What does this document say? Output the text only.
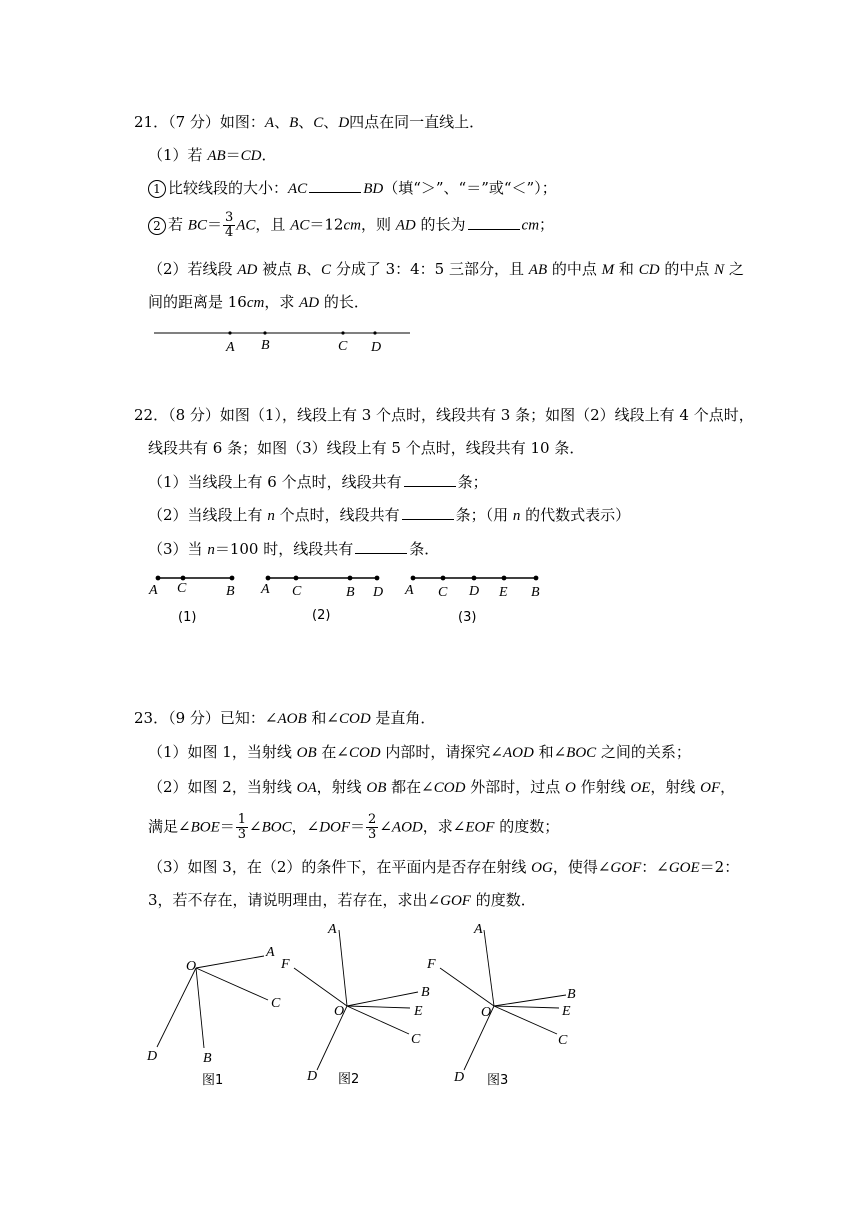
21．（7 分）如图：A、B、C、D四点在同一直线上．
（1）若 AB＝CD．
1 比较线段的大小：AC	BD（填“＞”、“＝”或“＜”）；
2 若 $BC= \frac{3}{4}$ AC，且 AC＝12cm，则 AD 的长为	cm；
（2）若线段 AD 被点 B、C 分成了 3：4：5 三部分，且 AB 的中点 M 和 CD 的中点 N 之
间的距离是 16cm，求 AD 的长．
A B	C D
22．（8 分）如图（1），线段上有 3 个点时，线段共有 3 条；如图（2）线段上有 4 个点时，
线段共有 6 条；如图（3）线段上有 5 个点时，线段共有 10 条．
（1）当线段上有 6 个点时，线段共有	条；
（2）当线段上有 n 个点时，线段共有	条；（用 n 的代数式表示）
（3）当 n＝100 时，线段共有	条．
A C	B
(1)
A C	B D
(2)
A C D E B
(3)
23．（9 分）已知：∠AOB 和∠COD 是直角．
（1）如图 1，当射线 OB 在∠COD 内部时，请探究∠AOD 和∠BOC 之间的关系；
（2）如图 2，当射线 OA，射线 OB 都在∠COD 外部时，过点 O 作射线 OE，射线 OF，
满足∠BOE＝ $\frac{1}{3}$ ∠BOC，∠DOF＝ $\frac{2}{3}$ ∠AOD，求∠EOF 的度数；
（3）如图 3，在（2）的条件下，在平面内是否存在射线 OG，使得∠GOF：∠GOE＝2：
3，若不存在，请说明理由，若存在，求出∠GOF 的度数．
O
A
C
D	B
图1
A
F
B
O	E
C
D 图2
A
F
B
O	E
C
D 图3
